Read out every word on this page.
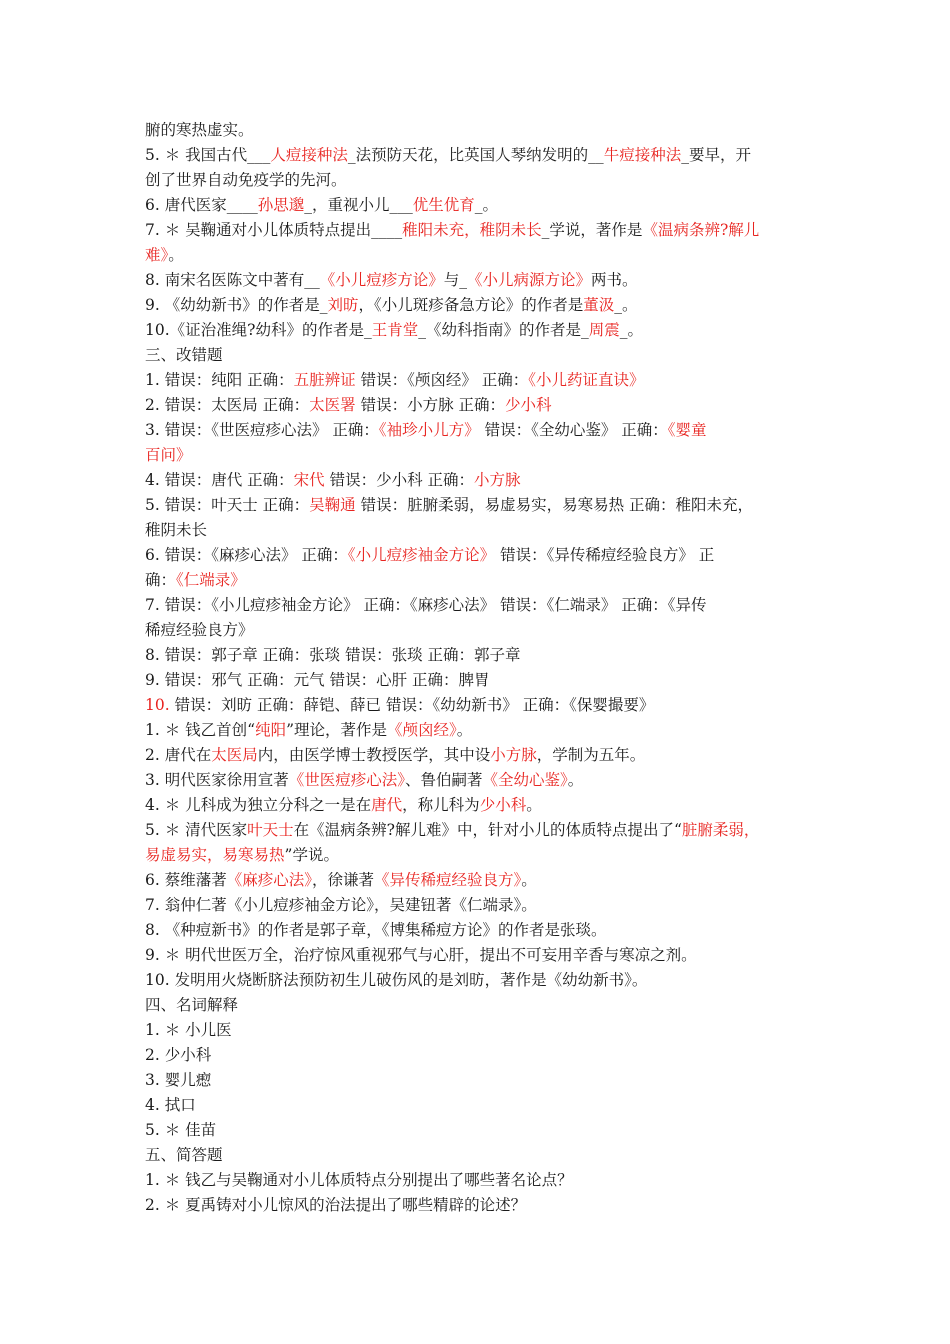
腑的寒热虚实。
5. ＊ 我国古代___人痘接种法_法预防天花，比英国人琴纳发明的__牛痘接种法_要早，开
创了世界自动免疫学的先河。
6. 唐代医家____孙思邈_，重视小儿___优生优育_。
7. ＊ 吴鞠通对小儿体质特点提出____稚阳未充，稚阴未长_学说，著作是《温病条辨?解儿
难》。
8. 南宋名医陈文中著有__《小儿痘疹方论》与_《小儿病源方论》两书。
9. 《幼幼新书》的作者是_刘昉，《小儿斑疹备急方论》的作者是董汲_。
10.《证治准绳?幼科》的作者是_王肯堂_《幼科指南》的作者是_周震_。
三、改错题
1. 错误：纯阳 正确：五脏辨证 错误：《颅囟经》 正确：《小儿药证直诀》
2. 错误：太医局 正确：太医署 错误：小方脉 正确：少小科
3. 错误：《世医痘疹心法》 正确：《袖珍小儿方》 错误：《全幼心鉴》 正确：《婴童
百问》
4. 错误：唐代 正确：宋代 错误：少小科 正确：小方脉
5. 错误：叶天士 正确：吴鞠通 错误：脏腑柔弱，易虚易实，易寒易热 正确：稚阳未充，
稚阴未长
6. 错误：《麻疹心法》 正确：《小儿痘疹袖金方论》 错误：《异传稀痘经验良方》 正
确：《仁端录》
7. 错误：《小儿痘疹袖金方论》 正确：《麻疹心法》 错误：《仁端录》 正确：《异传
稀痘经验良方》
8. 错误：郭子章 正确：张琰 错误：张琰 正确：郭子章
9. 错误：邪气 正确：元气 错误：心肝 正确：脾胃
10. 错误：刘昉 正确：薛铠、薛已 错误：《幼幼新书》 正确：《保婴撮要》
1. ＊ 钱乙首创“纯阳”理论，著作是《颅囟经》。
2. 唐代在太医局内，由医学博士教授医学，其中设小方脉，学制为五年。
3. 明代医家徐用宣著《世医痘疹心法》、鲁伯嗣著《全幼心鉴》。
4. ＊ 儿科成为独立分科之一是在唐代，称儿科为少小科。
5. ＊ 清代医家叶天士在《温病条辨?解儿难》中，针对小儿的体质特点提出了“脏腑柔弱，
易虚易实，易寒易热”学说。
6. 蔡维藩著《麻疹心法》，徐谦著《异传稀痘经验良方》。
7. 翁仲仁著《小儿痘疹袖金方论》，吴建钮著《仁端录》。
8. 《种痘新书》的作者是郭子章，《博集稀痘方论》的作者是张琰。
9. ＊ 明代世医万全，治疗惊风重视邪气与心肝，提出不可妄用辛香与寒凉之剂。
10. 发明用火烧断脐法预防初生儿破伤风的是刘昉，著作是《幼幼新书》。
四、名词解释
1. ＊ 小儿医
2. 少小科
3. 婴儿瘛
4. 拭口
5. ＊ 佳苗
五、简答题
1. ＊ 钱乙与吴鞠通对小儿体质特点分别提出了哪些著名论点？
2. ＊ 夏禹铸对小儿惊风的治法提出了哪些精辟的论述？
